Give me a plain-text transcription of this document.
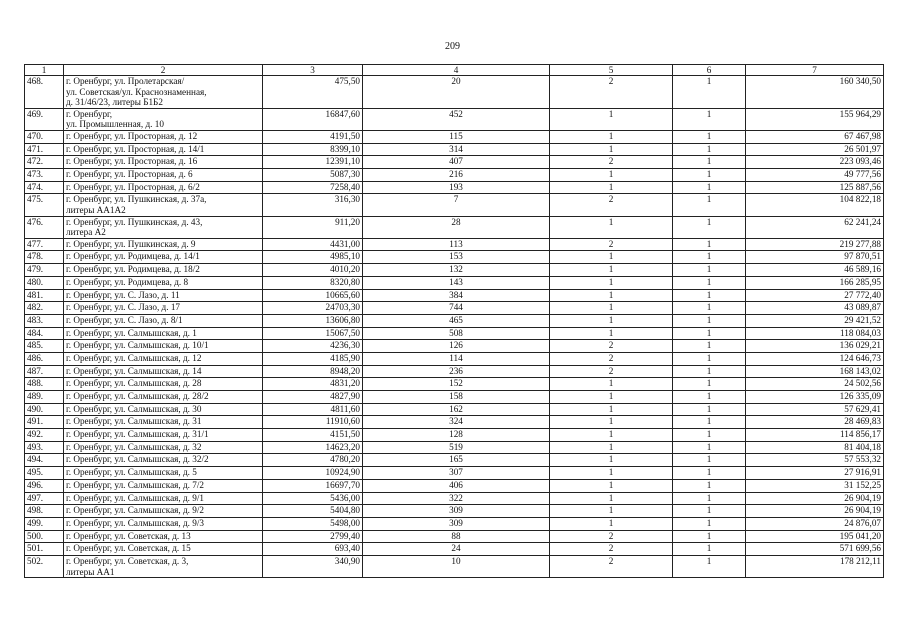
209
1	2	3	4	5	6	7
468.	г. Оренбург, ул. Пролетарская/
ул. Советская/ул. Краснознаменная,
д. 31/46/23, литеры Б1Б2	475,50	20	2	1	160 340,50
469.	г. Оренбург,
ул. Промышленная, д. 10	16847,60	452	1	1	155 964,29
470.	г. Оренбург, ул. Просторная, д. 12	4191,50	115	1	1	67 467,98
471.	г. Оренбург, ул. Просторная, д. 14/1	8399,10	314	1	1	26 501,97
472.	г. Оренбург, ул. Просторная, д. 16	12391,10	407	2	1	223 093,46
473.	г. Оренбург, ул. Просторная, д. 6	5087,30	216	1	1	49 777,56
474.	г. Оренбург, ул. Просторная, д. 6/2	7258,40	193	1	1	125 887,56
475.	г. Оренбург, ул. Пушкинская, д. 37а,
литеры АА1А2	316,30	7	2	1	104 822,18
476.	г. Оренбург, ул. Пушкинская, д. 43,
литера А2	911,20	28	1	1	62 241,24
477.	г. Оренбург, ул. Пушкинская, д. 9	4431,00	113	2	1	219 277,88
478.	г. Оренбург, ул. Родимцева, д. 14/1	4985,10	153	1	1	97 870,51
479.	г. Оренбург, ул. Родимцева, д. 18/2	4010,20	132	1	1	46 589,16
480.	г. Оренбург, ул. Родимцева, д. 8	8320,80	143	1	1	166 285,95
481.	г. Оренбург, ул. С. Лазо, д. 11	10665,60	384	1	1	27 772,40
482.	г. Оренбург, ул. С. Лазо, д. 17	24703,30	744	1	1	43 089,87
483.	г. Оренбург, ул. С. Лазо, д. 8/1	13606,80	465	1	1	29 421,52
484.	г. Оренбург, ул. Салмышская, д. 1	15067,50	508	1	1	118 084,03
485.	г. Оренбург, ул. Салмышская, д. 10/1	4236,30	126	2	1	136 029,21
486.	г. Оренбург, ул. Салмышская, д. 12	4185,90	114	2	1	124 646,73
487.	г. Оренбург, ул. Салмышская, д. 14	8948,20	236	2	1	168 143,02
488.	г. Оренбург, ул. Салмышская, д. 28	4831,20	152	1	1	24 502,56
489.	г. Оренбург, ул. Салмышская, д. 28/2	4827,90	158	1	1	126 335,09
490.	г. Оренбург, ул. Салмышская, д. 30	4811,60	162	1	1	57 629,41
491.	г. Оренбург, ул. Салмышская, д. 31	11910,60	324	1	1	28 469,83
492.	г. Оренбург, ул. Салмышская, д. 31/1	4151,50	128	1	1	114 856,17
493.	г. Оренбург, ул. Салмышская, д. 32	14623,20	519	1	1	81 404,18
494.	г. Оренбург, ул. Салмышская, д. 32/2	4780,20	165	1	1	57 553,32
495.	г. Оренбург, ул. Салмышская, д. 5	10924,90	307	1	1	27 916,91
496.	г. Оренбург, ул. Салмышская, д. 7/2	16697,70	406	1	1	31 152,25
497.	г. Оренбург, ул. Салмышская, д. 9/1	5436,00	322	1	1	26 904,19
498.	г. Оренбург, ул. Салмышская, д. 9/2	5404,80	309	1	1	26 904,19
499.	г. Оренбург, ул. Салмышская, д. 9/3	5498,00	309	1	1	24 876,07
500.	г. Оренбург, ул. Советская, д. 13	2799,40	88	2	1	195 041,20
501.	г. Оренбург, ул. Советская, д. 15	693,40	24	2	1	571 699,56
502.	г. Оренбург, ул. Советская, д. 3,
литеры АА1	340,90	10	2	1	178 212,11
